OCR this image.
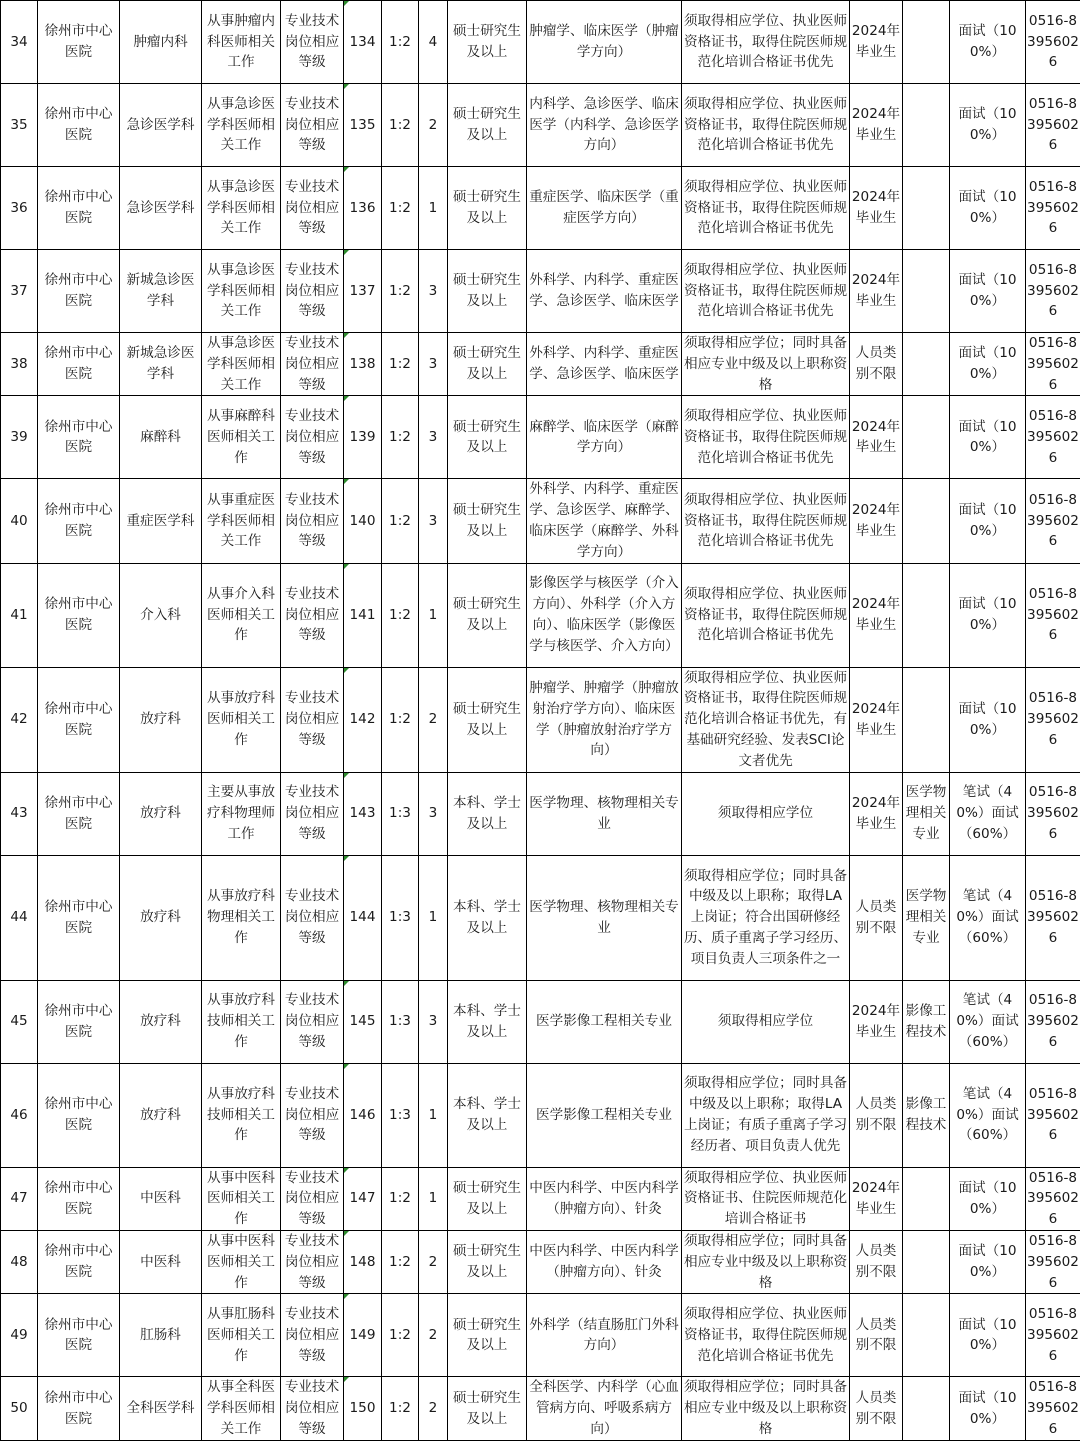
34	徐州市中心医院	肿瘤内科	从事肿瘤内科医师相关工作	专业技术岗位相应等级	134	1:2	4	硕士研究生及以上	肿瘤学、临床医学（肿瘤学方向）	须取得相应学位、执业医师资格证书，取得住院医师规范化培训合格证书优先	2024年毕业生		面试（100%）	0516-83956026
35	徐州市中心医院	急诊医学科	从事急诊医学科医师相关工作	专业技术岗位相应等级	135	1:2	2	硕士研究生及以上	内科学、急诊医学、临床医学（内科学、急诊医学方向）	须取得相应学位、执业医师资格证书，取得住院医师规范化培训合格证书优先	2024年毕业生		面试（100%）	0516-83956026
36	徐州市中心医院	急诊医学科	从事急诊医学科医师相关工作	专业技术岗位相应等级	136	1:2	1	硕士研究生及以上	重症医学、临床医学（重症医学方向）	须取得相应学位、执业医师资格证书，取得住院医师规范化培训合格证书优先	2024年毕业生		面试（100%）	0516-83956026
37	徐州市中心医院	新城急诊医学科	从事急诊医学科医师相关工作	专业技术岗位相应等级	137	1:2	3	硕士研究生及以上	外科学、内科学、重症医学、急诊医学、临床医学	须取得相应学位、执业医师资格证书，取得住院医师规范化培训合格证书优先	2024年毕业生		面试（100%）	0516-83956026
38	徐州市中心医院	新城急诊医学科	从事急诊医学科医师相关工作	专业技术岗位相应等级	138	1:2	3	硕士研究生及以上	外科学、内科学、重症医学、急诊医学、临床医学	须取得相应学位；同时具备相应专业中级及以上职称资格	人员类别不限		面试（100%）	0516-83956026
39	徐州市中心医院	麻醉科	从事麻醉科医师相关工作	专业技术岗位相应等级	139	1:2	3	硕士研究生及以上	麻醉学、临床医学（麻醉学方向）	须取得相应学位、执业医师资格证书，取得住院医师规范化培训合格证书优先	2024年毕业生		面试（100%）	0516-83956026
40	徐州市中心医院	重症医学科	从事重症医学科医师相关工作	专业技术岗位相应等级	140	1:2	3	硕士研究生及以上	外科学、内科学、重症医学、急诊医学、麻醉学、临床医学（麻醉学、外科学方向）	须取得相应学位、执业医师资格证书，取得住院医师规范化培训合格证书优先	2024年毕业生		面试（100%）	0516-83956026
41	徐州市中心医院	介入科	从事介入科医师相关工作	专业技术岗位相应等级	141	1:2	1	硕士研究生及以上	影像医学与核医学（介入方向）、外科学（介入方向）、临床医学（影像医学与核医学、介入方向）	须取得相应学位、执业医师资格证书，取得住院医师规范化培训合格证书优先	2024年毕业生		面试（100%）	0516-83956026
42	徐州市中心医院	放疗科	从事放疗科医师相关工作	专业技术岗位相应等级	142	1:2	2	硕士研究生及以上	肿瘤学、肿瘤学（肿瘤放射治疗学方向）、临床医学（肿瘤放射治疗学方向）	须取得相应学位、执业医师资格证书，取得住院医师规范化培训合格证书优先，有基础研究经验、发表SCI论文者优先	2024年毕业生		面试（100%）	0516-83956026
43	徐州市中心医院	放疗科	主要从事放疗科物理师工作	专业技术岗位相应等级	143	1:3	3	本科、学士及以上	医学物理、核物理相关专业	须取得相应学位	2024年毕业生	医学物理相关专业	笔试（40%）面试（60%）	0516-83956026
44	徐州市中心医院	放疗科	从事放疗科物理相关工作	专业技术岗位相应等级	144	1:3	1	本科、学士及以上	医学物理、核物理相关专业	须取得相应学位；同时具备中级及以上职称；取得LA上岗证；符合出国研修经历、质子重离子学习经历、项目负责人三项条件之一	人员类别不限	医学物理相关专业	笔试（40%）面试（60%）	0516-83956026
45	徐州市中心医院	放疗科	从事放疗科技师相关工作	专业技术岗位相应等级	145	1:3	3	本科、学士及以上	医学影像工程相关专业	须取得相应学位	2024年毕业生	影像工程技术	笔试（40%）面试（60%）	0516-83956026
46	徐州市中心医院	放疗科	从事放疗科技师相关工作	专业技术岗位相应等级	146	1:3	1	本科、学士及以上	医学影像工程相关专业	须取得相应学位；同时具备中级及以上职称；取得LA上岗证；有质子重离子学习经历者、项目负责人优先	人员类别不限	影像工程技术	笔试（40%）面试（60%）	0516-83956026
47	徐州市中心医院	中医科	从事中医科医师相关工作	专业技术岗位相应等级	147	1:2	1	硕士研究生及以上	中医内科学、中医内科学（肿瘤方向）、针灸	须取得相应学位、执业医师资格证书、住院医师规范化培训合格证书	2024年毕业生		面试（100%）	0516-83956026
48	徐州市中心医院	中医科	从事中医科医师相关工作	专业技术岗位相应等级	148	1:2	2	硕士研究生及以上	中医内科学、中医内科学（肿瘤方向）、针灸	须取得相应学位；同时具备相应专业中级及以上职称资格	人员类别不限		面试（100%）	0516-83956026
49	徐州市中心医院	肛肠科	从事肛肠科医师相关工作	专业技术岗位相应等级	149	1:2	2	硕士研究生及以上	外科学（结直肠肛门外科方向）	须取得相应学位、执业医师资格证书，取得住院医师规范化培训合格证书优先	人员类别不限		面试（100%）	0516-83956026
50	徐州市中心医院	全科医学科	从事全科医学科医师相关工作	专业技术岗位相应等级	150	1:2	2	硕士研究生及以上	全科医学、内科学（心血管病方向、呼吸系病方向）	须取得相应学位；同时具备相应专业中级及以上职称资格	人员类别不限		面试（100%）	0516-83956026
